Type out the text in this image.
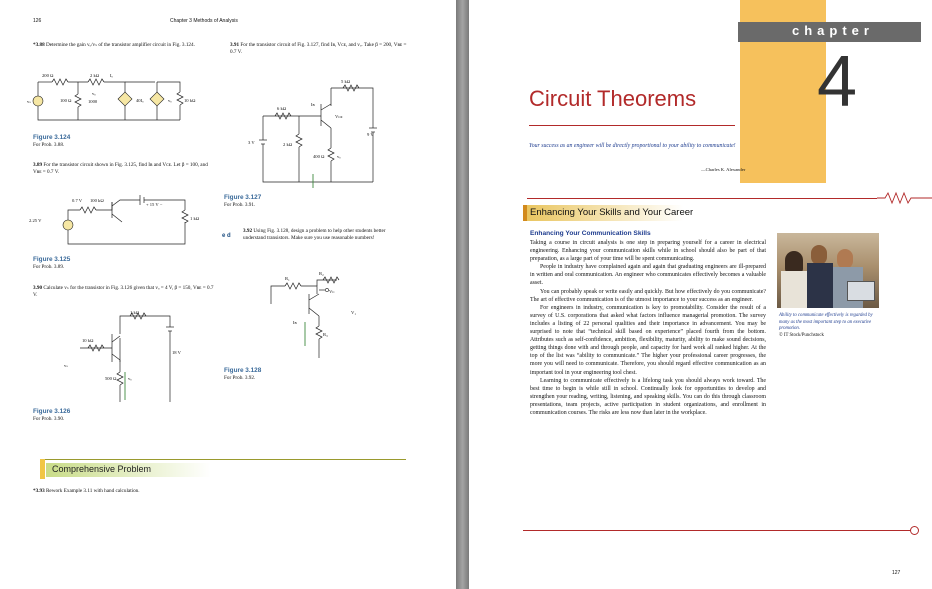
126	Chapter 3 Methods of Analysis
*3.88 Determine the gain vₒ/vₛ of the transistor amplifier circuit in Fig. 3.124.
200 Ω	2 kΩ Iₒ
100 Ω
vₒ
1000	40Iₒ	vₒ	10 kΩ
vₛ
Figure 3.124
For Prob. 3.88.
3.89 For the transistor circuit shown in Fig. 3.125, find Iʙ and Vᴄᴇ. Let β = 100, and Vʙᴇ = 0.7 V.
0.7 V 100 kΩ
+ 15 V −
2.25 V	1 kΩ
Figure 3.125
For Prob. 3.89.
3.90 Calculate vₛ for the transistor in Fig. 3.126 given that vₒ = 4 V, β = 150, Vʙᴇ = 0.7 V.
1 kΩ
10 kΩ
18 V
vₛ
500 Ω	vₒ
Figure 3.126
For Prob. 3.90.
3.91 For the transistor circuit of Fig. 3.127, find Iʙ, Vᴄᴇ, and vₒ. Take β = 200, Vʙᴇ = 0.7 V.
5 kΩ
Iʙ
6 kΩ
Vᴄᴇ
9 V
3 V	2 kΩ
400 Ω	vₒ
Figure 3.127
For Prob. 3.91.
e d
3.92 Using Fig. 3.128, design a problem to help other students better understand transistors. Make sure you use reasonable numbers!
R₁
R₂
Vᴄ
Iʙ
R₃
V₁
Figure 3.128
For Prob. 3.92.
Comprehensive Problem
*3.93 Rework Example 3.11 with hand calculation.
chapter
4
Circuit Theorems
Your success as an engineer will be directly proportional to your ability to communicate!
—Charles K. Alexander
Enhancing Your Skills and Your Career
Enhancing Your Communication Skills

Taking a course in circuit analysis is one step in preparing yourself for a career in electrical engineering. Enhancing your communication skills while in school should also be part of that preparation, as a large part of your time will be spent communicating.

People in industry have complained again and again that graduating engineers are ill-prepared in written and oral communication. An engineer who communicates effectively becomes a valuable asset.

You can probably speak or write easily and quickly. But how effectively do you communicate? The art of effective communication is of the utmost importance to your success as an engineer.

For engineers in industry, communication is key to promotability. Consider the result of a survey of U.S. corporations that asked what factors influence managerial promotion. The survey includes a listing of 22 personal qualities and their importance in advancement. You may be surprised to note that “technical skill based on experience” placed fourth from the bottom. Attributes such as self-confidence, ambition, flexibility, maturity, ability to make sound decisions, getting things done with and through people, and capacity for hard work all ranked higher. At the top of the list was “ability to communicate.” The higher your professional career progresses, the more you will need to communicate. Therefore, you should regard effective communication as an important tool in your engineering tool chest.

Learning to communicate effectively is a lifelong task you should always work toward. The best time to begin is while still in school. Continually look for opportunities to develop and strengthen your reading, writing, listening, and speaking skills. You can do this through classroom presentations, team projects, active participation in student organizations, and enrollment in communication courses. The risks are less now than later in the workplace.

Ability to communicate effectively is regarded by many as the most important step to an executive promotion.
© IT Stock/Punchstock
127
